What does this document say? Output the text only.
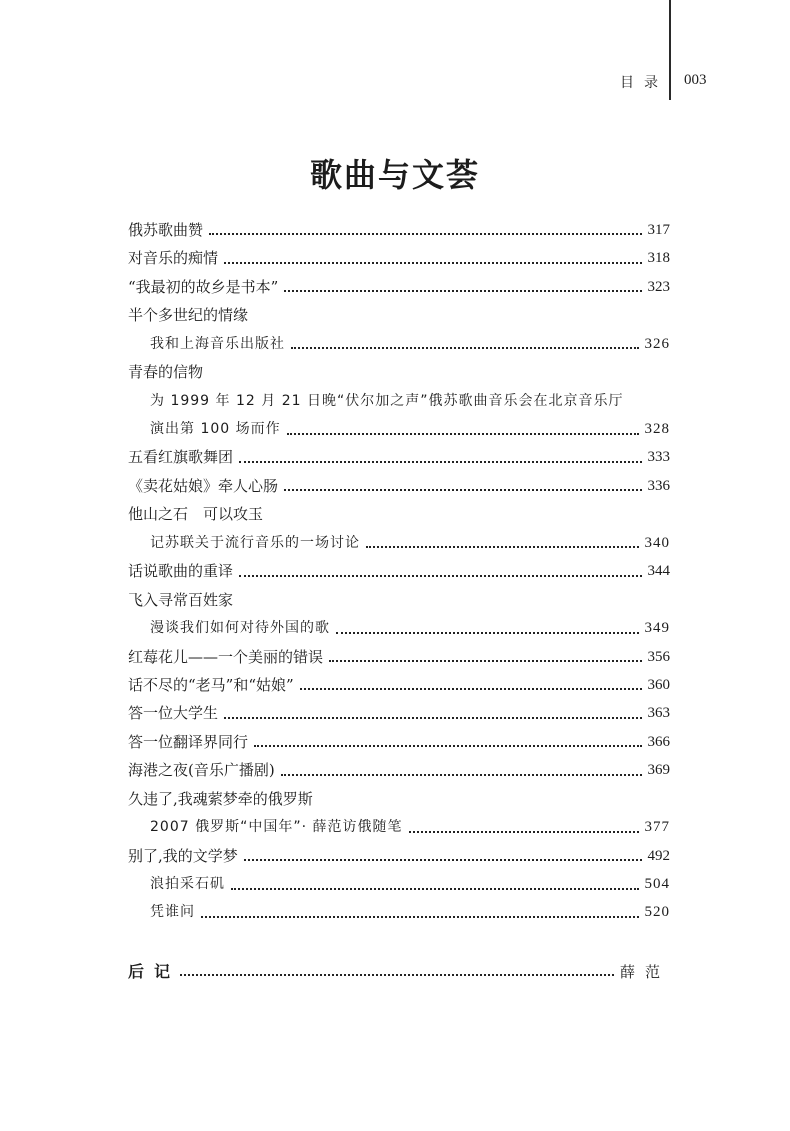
目录 003
歌曲与文荟
俄苏歌曲赞	317
对音乐的痴情	318
“我最初的故乡是书本”	323
半个多世纪的情缘
我和上海音乐出版社	326
青春的信物
为 1999 年 12 月 21 日晚“伏尔加之声”俄苏歌曲音乐会在北京音乐厅
演出第 100 场而作	328
五看红旗歌舞团	333
《卖花姑娘》牵人心肠	336
他山之石　可以攻玉
记苏联关于流行音乐的一场讨论	340
话说歌曲的重译	344
飞入寻常百姓家
漫谈我们如何对待外国的歌	349
红莓花儿——一个美丽的错误	356
话不尽的“老马”和“姑娘”	360
答一位大学生	363
答一位翻译界同行	366
海港之夜(音乐广播剧)	369
久违了,我魂萦梦牵的俄罗斯
2007 俄罗斯“中国年”· 薛范访俄随笔	377
别了,我的文学梦	492
浪拍采石矶	504
凭谁问	520
后记	薛范
